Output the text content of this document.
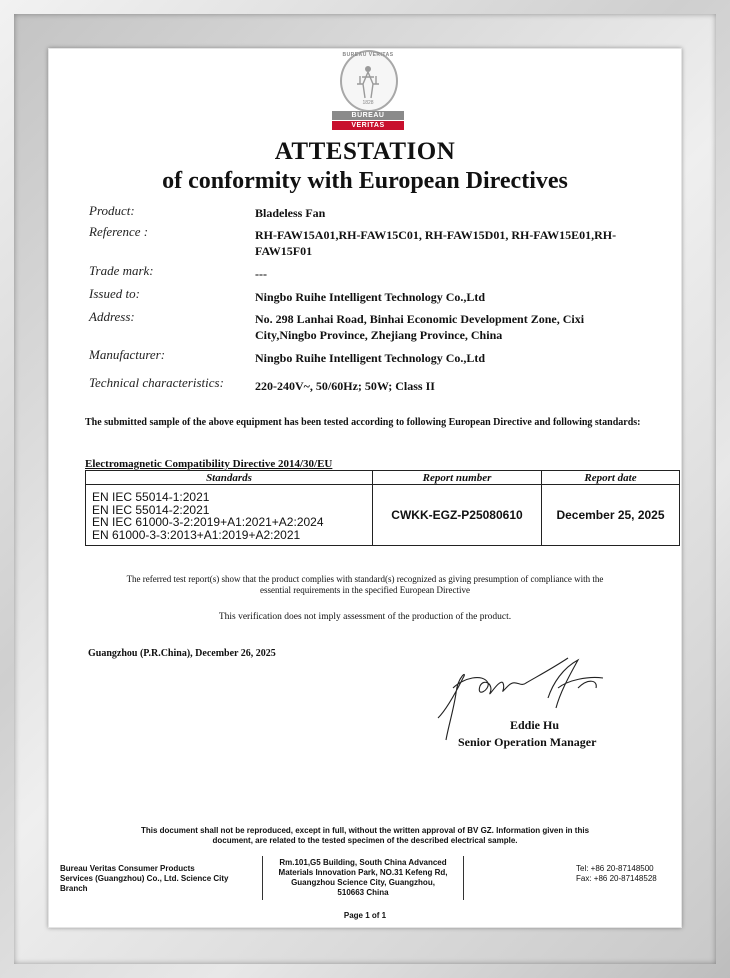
BUREAU VERITAS
1828
BUREAU
VERITAS
ATTESTATION
of conformity with European Directives
Product:	Bladeless Fan
Reference :	RH-FAW15A01,RH-FAW15C01, RH-FAW15D01, RH-FAW15E01,RH-
FAW15F01
Trade mark:	---
Issued to:	Ningbo Ruihe Intelligent Technology Co.,Ltd
Address:	No. 298 Lanhai Road, Binhai Economic Development Zone, Cixi
City,Ningbo Province, Zhejiang Province, China
Manufacturer:	Ningbo Ruihe Intelligent Technology Co.,Ltd
Technical characteristics:	220-240V~, 50/60Hz; 50W; Class II
The submitted sample of the above equipment has been tested according to following European Directive and following standards:
Electromagnetic Compatibility Directive 2014/30/EU
Standards	Report number	Report date

EN IEC 55014-1:2021
EN IEC 55014-2:2021
EN IEC 61000-3-2:2019+A1:2021+A2:2024
EN 61000-3-3:2013+A1:2019+A2:2021	CWKK-EGZ-P25080610	December 25, 2025
The referred test report(s) show that the product complies with standard(s) recognized as giving presumption of compliance with the
essential requirements in the specified European Directive
This verification does not imply assessment of the production of the product.
Guangzhou (P.R.China), December 26, 2025
Eddie Hu
Senior Operation Manager
This document shall not be reproduced, except in full, without the written approval of BV GZ. Information given in this
document, are related to the tested specimen of the described electrical sample.
Bureau Veritas Consumer Products
Services (Guangzhou) Co., Ltd. Science City
Branch
Rm.101,G5 Building, South China Advanced
Materials Innovation Park, NO.31 Kefeng Rd,
Guangzhou Science City, Guangzhou,
510663 China
Tel: +86 20-87148500
Fax: +86 20-87148528
Page 1 of 1
